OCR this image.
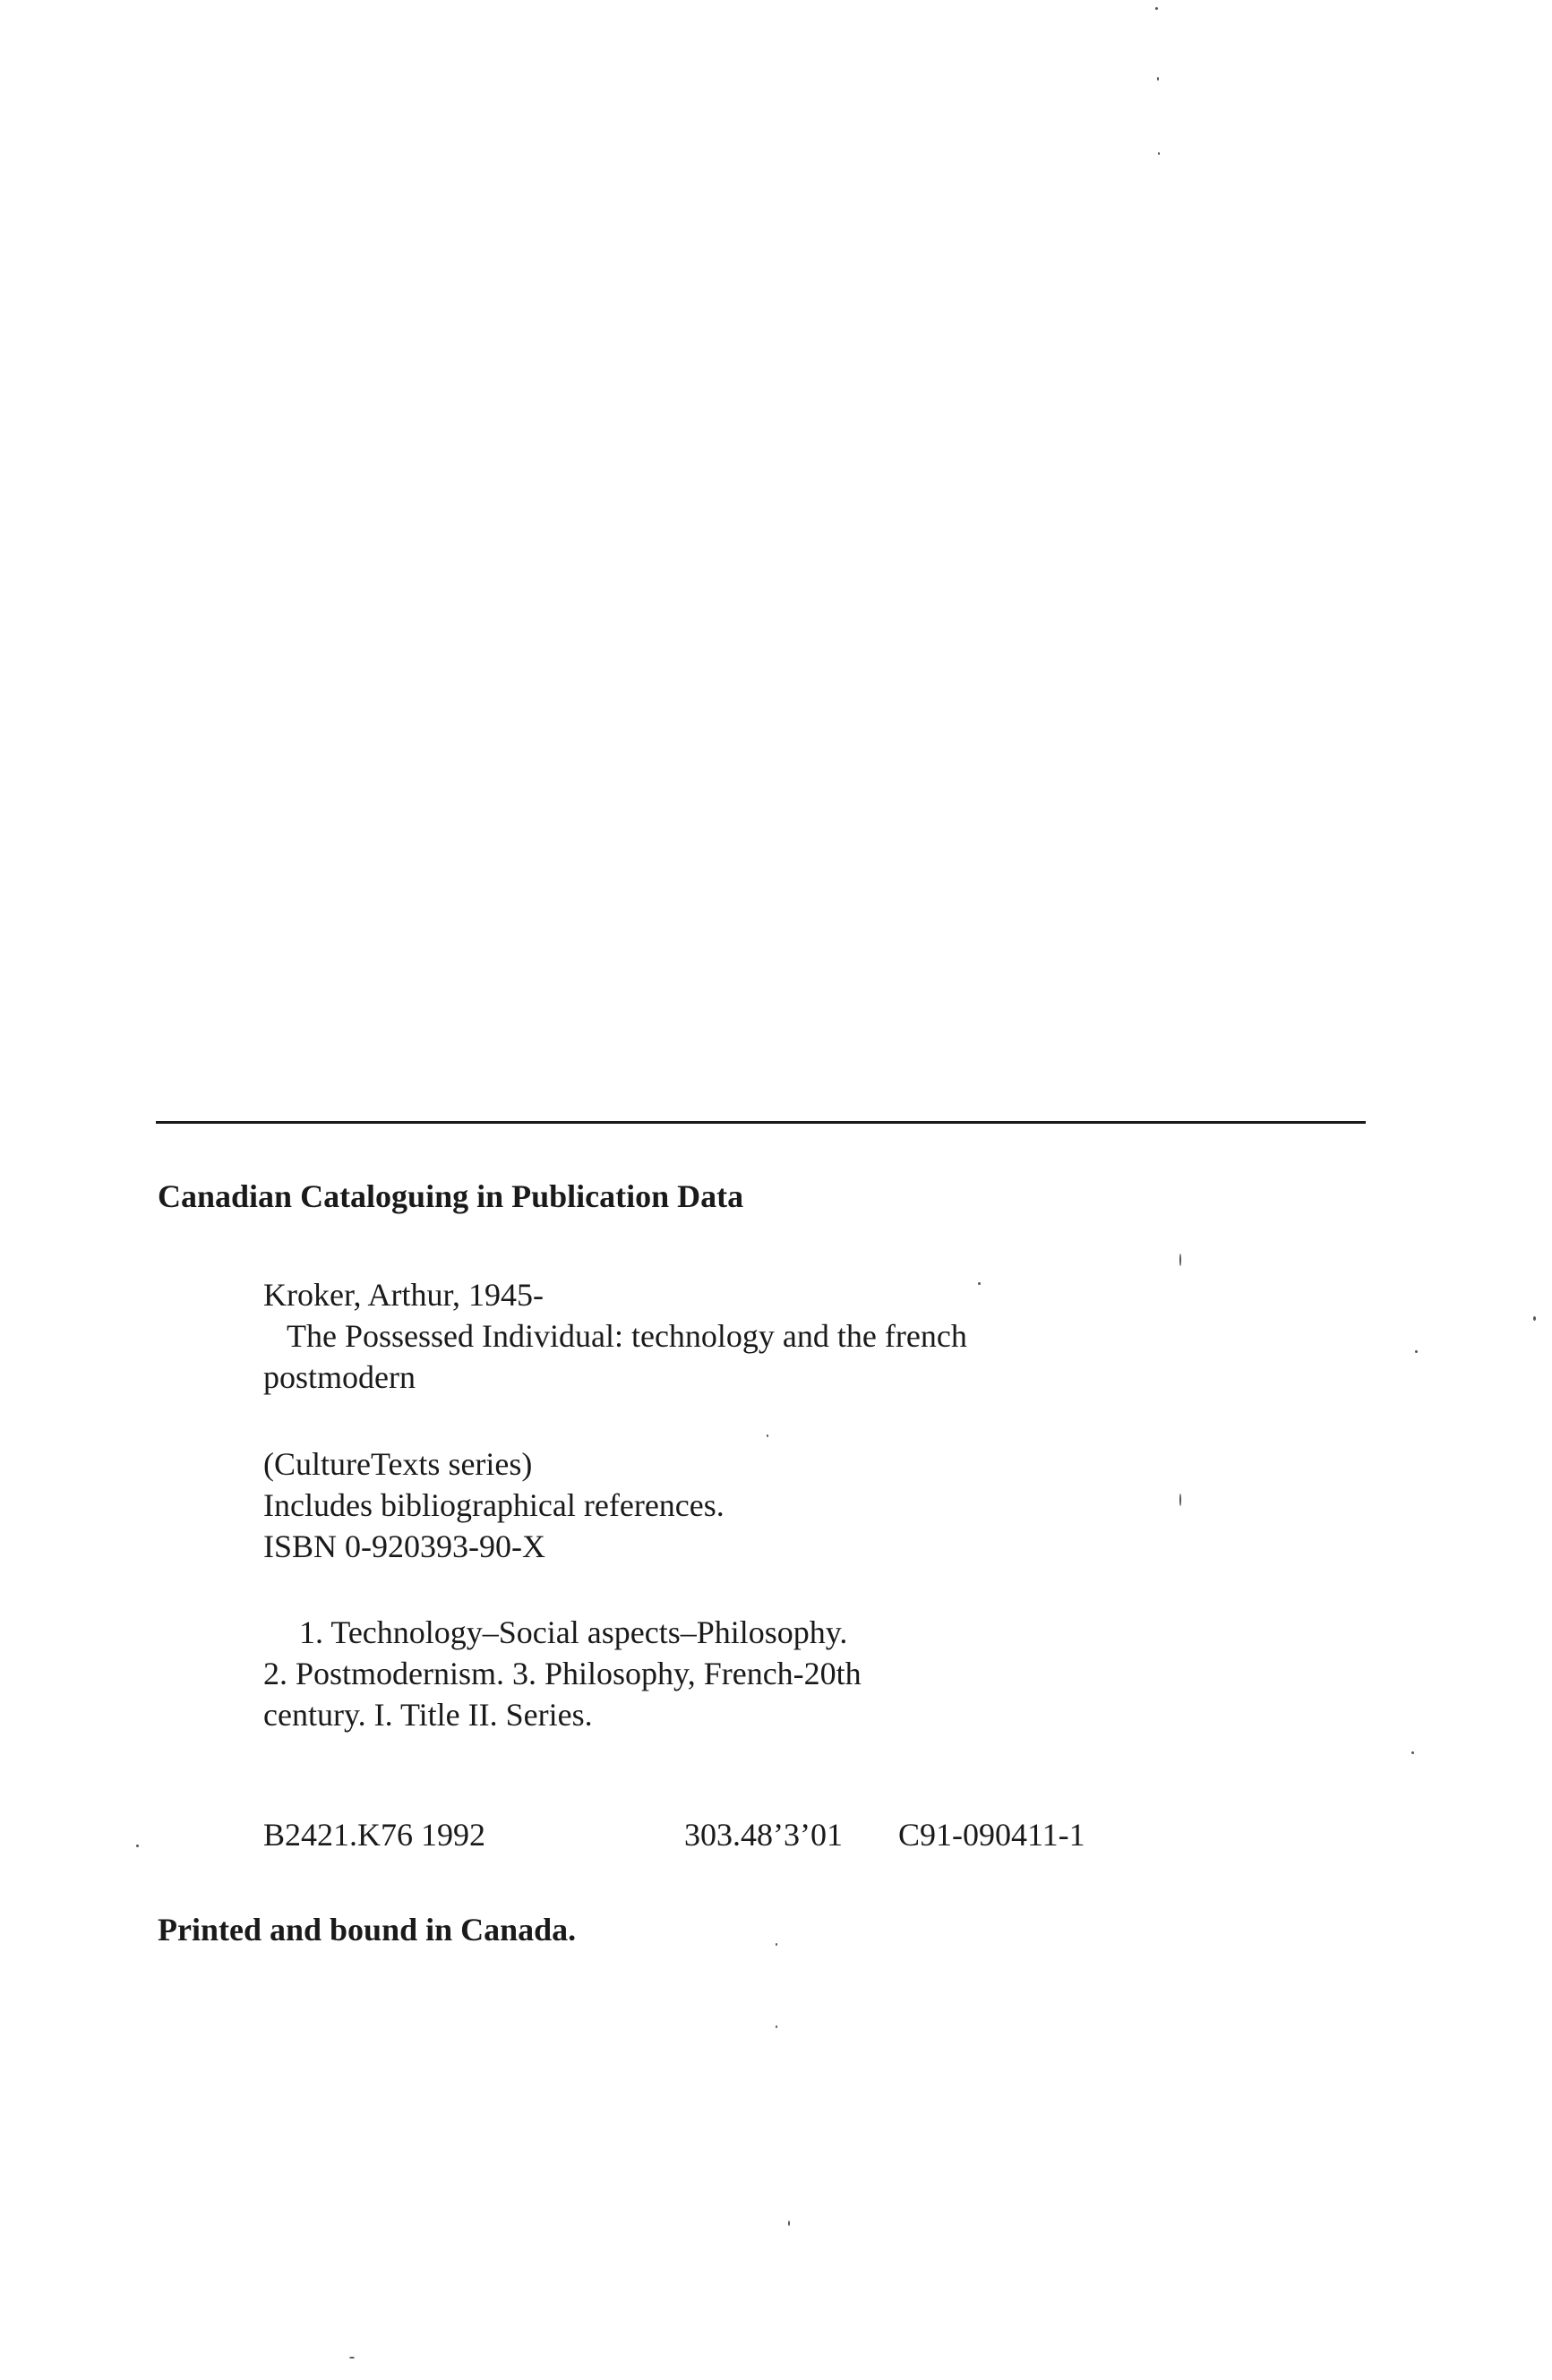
Canadian Cataloguing in Publication Data
Kroker, Arthur, 1945-
The Possessed Individual: technology and the french
postmodern
(CultureTexts series)
Includes bibliographical references.
ISBN 0-920393-90-X
1. Technology–Social aspects–Philosophy.
2. Postmodernism. 3. Philosophy, French-20th
century. I. Title II. Series.
B2421.K76 1992	303.48’3’01 C91-090411-1
Printed and bound in Canada.
